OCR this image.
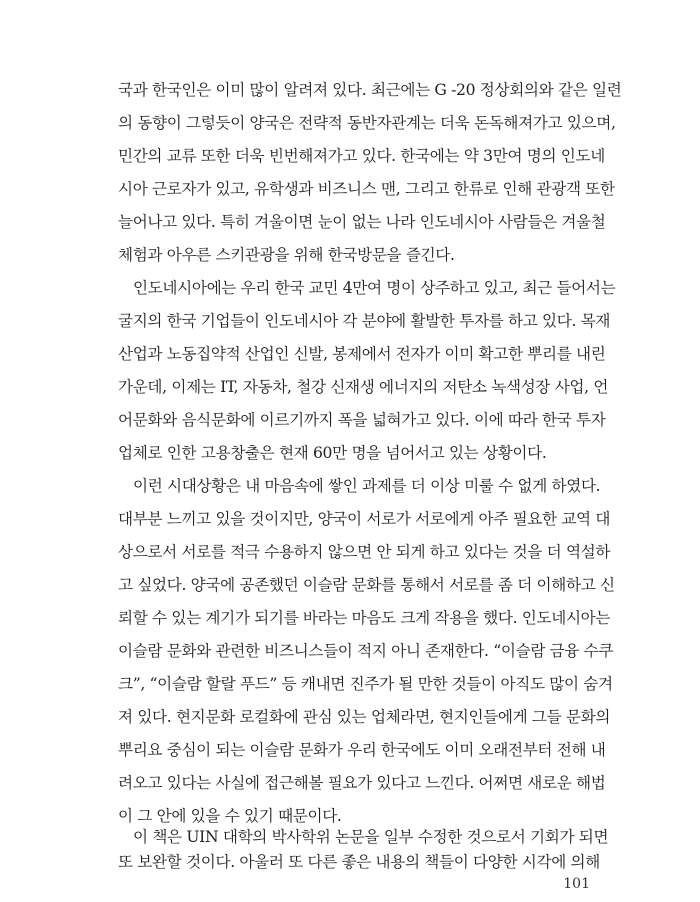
국과 한국인은 이미 많이 알려져 있다. 최근에는 G -20 정상회의와 같은 일련
의 동향이 그렇듯이 양국은 전략적 동반자관계는 더욱 돈독해져가고 있으며,
민간의 교류 또한 더욱 빈번해져가고 있다. 한국에는 약 3만여 명의 인도네
시아 근로자가 있고, 유학생과 비즈니스 맨, 그리고 한류로 인해 관광객 또한
늘어나고 있다. 특히 겨울이면 눈이 없는 나라 인도네시아 사람들은 겨울철
체험과 아우른 스키관광을 위해 한국방문을 즐긴다.
인도네시아에는 우리 한국 교민 4만여 명이 상주하고 있고, 최근 들어서는
굴지의 한국 기업들이 인도네시아 각 분야에 활발한 투자를 하고 있다. 목재
산업과 노동집약적 산업인 신발, 봉제에서 전자가 이미 확고한 뿌리를 내린
가운데, 이제는 IT, 자동차, 철강 신재생 에너지의 저탄소 녹색성장 사업, 언
어문화와 음식문화에 이르기까지 폭을 넓혀가고 있다. 이에 따라 한국 투자
업체로 인한 고용창출은 현재 60만 명을 넘어서고 있는 상황이다.
이런 시대상황은 내 마음속에 쌓인 과제를 더 이상 미룰 수 없게 하였다.
대부분 느끼고 있을 것이지만, 양국이 서로가 서로에게 아주 필요한 교역 대
상으로서 서로를 적극 수용하지 않으면 안 되게 하고 있다는 것을 더 역설하
고 싶었다. 양국에 공존했던 이슬람 문화를 통해서 서로를 좀 더 이해하고 신
뢰할 수 있는 계기가 되기를 바라는 마음도 크게 작용을 했다. 인도네시아는
이슬람 문화와 관련한 비즈니스들이 적지 아니 존재한다. “이슬람 금융 수쿠
크”, “이슬람 할랄 푸드” 등 캐내면 진주가 될 만한 것들이 아직도 많이 숨겨
져 있다. 현지문화 로컬화에 관심 있는 업체라면, 현지인들에게 그들 문화의
뿌리요 중심이 되는 이슬람 문화가 우리 한국에도 이미 오래전부터 전해 내
려오고 있다는 사실에 접근해볼 필요가 있다고 느낀다. 어쩌면 새로운 해법
이 그 안에 있을 수 있기 때문이다.
이 책은 UIN 대학의 박사학위 논문을 일부 수정한 것으로서 기회가 되면
또 보완할 것이다. 아울러 또 다른 좋은 내용의 책들이 다양한 시각에 의해
101
